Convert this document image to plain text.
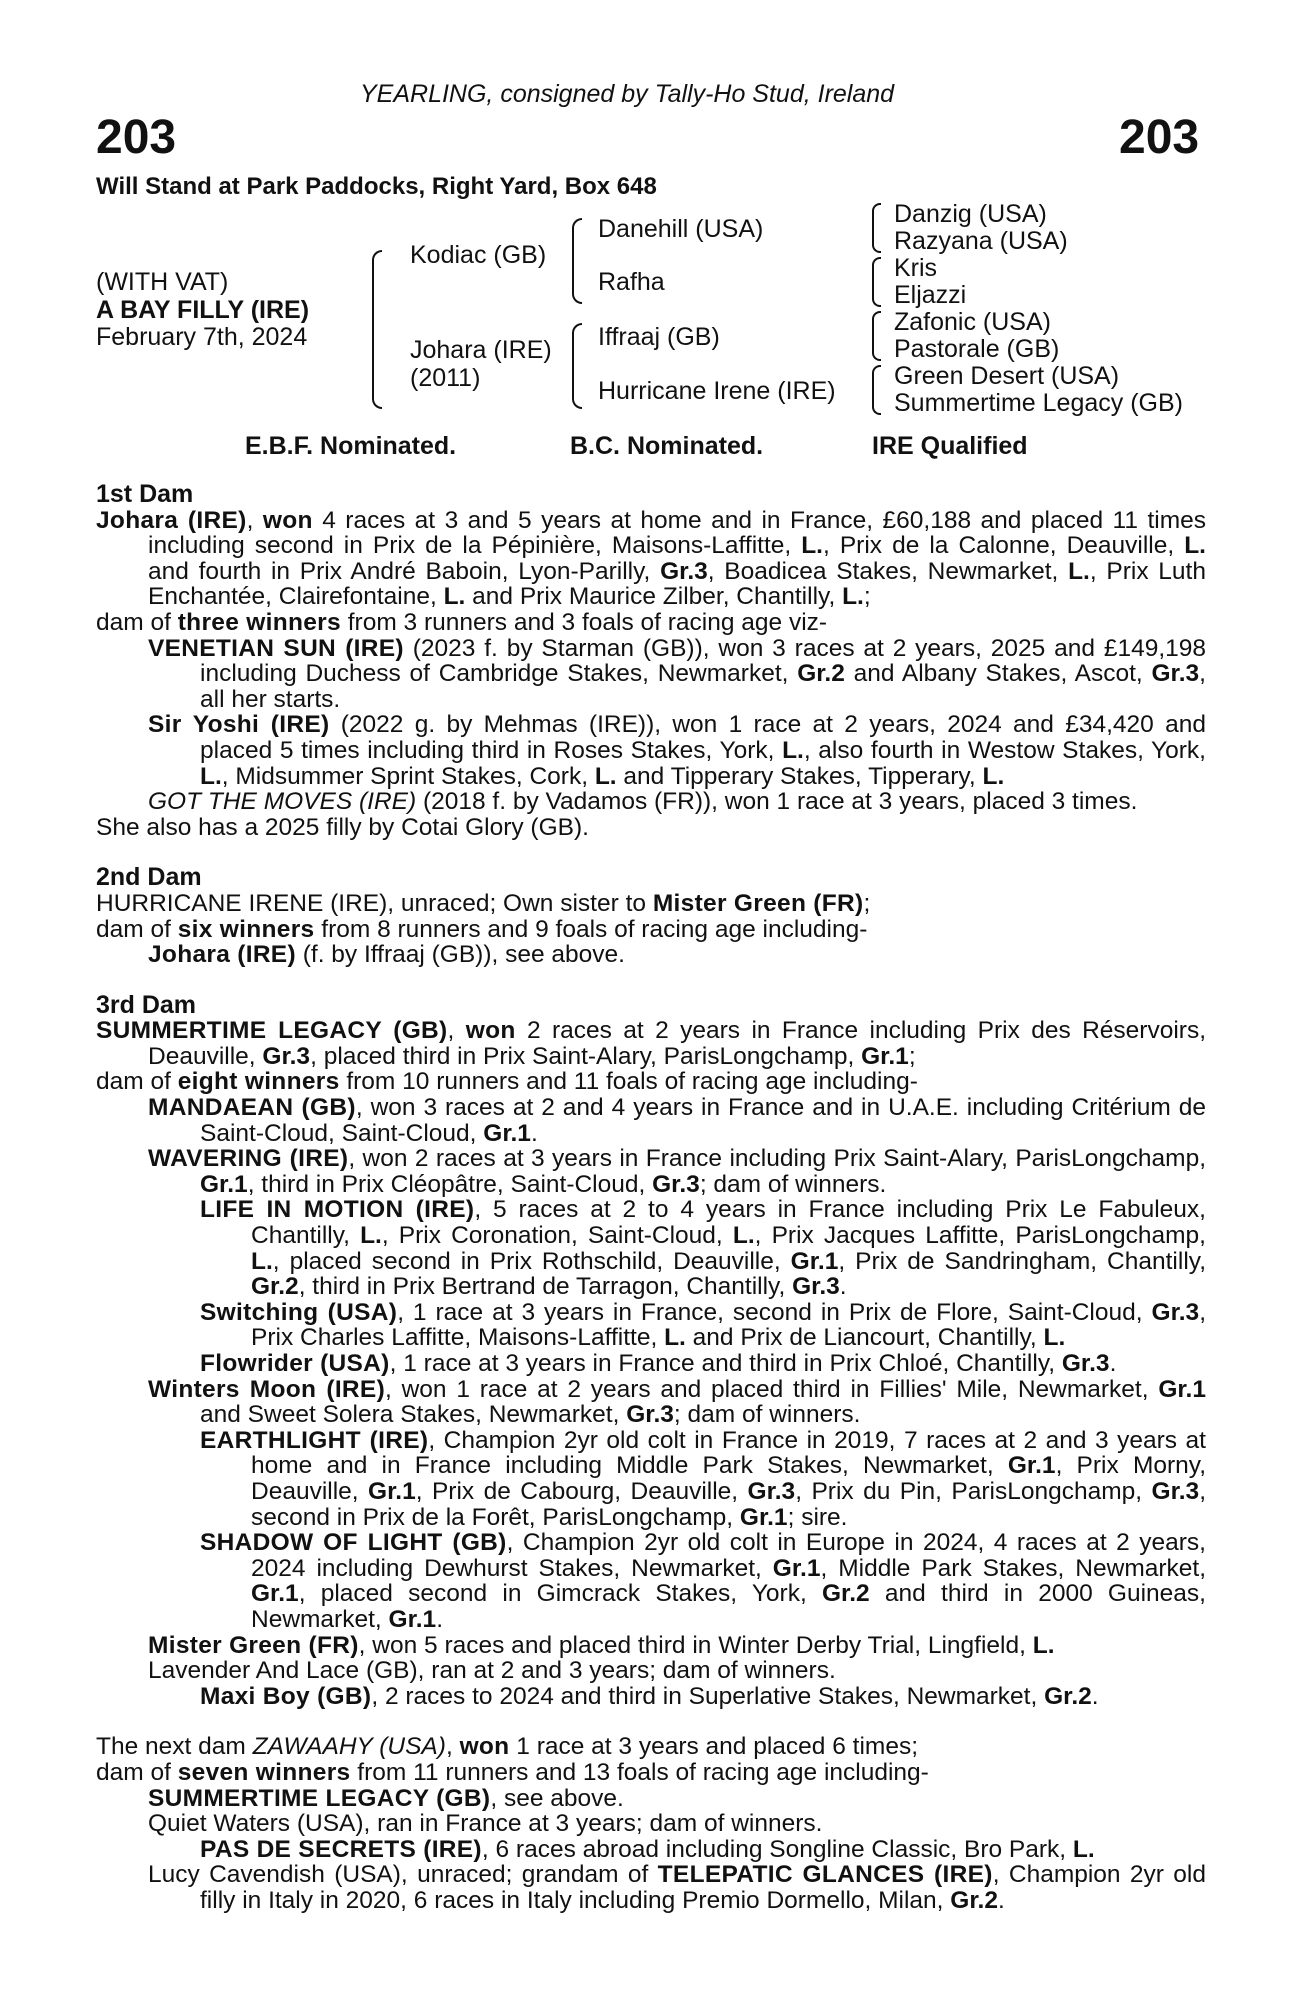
YEARLING, consigned by Tally-Ho Stud, Ireland
203	203
Will Stand at Park Paddocks, Right Yard, Box 648
(WITH VAT)
A BAY FILLY (IRE)
February 7th, 2024
Kodiac (GB)
Johara (IRE)
(2011)
Danehill (USA)
Rafha
Iffraaj (GB)
Hurricane Irene (IRE)
Danzig (USA)
Razyana (USA)
Kris
Eljazzi
Zafonic (USA)
Pastorale (GB)
Green Desert (USA)
Summertime Legacy (GB)
E.B.F. Nominated.	B.C. Nominated.	IRE Qualified

1st Dam

Johara (IRE), won 4 races at 3 and 5 years at home and in France, £60,188 and placed 11 times including second in Prix de la Pépinière, Maisons-Laffitte, L., Prix de la Calonne, Deauville, L. and fourth in Prix André Baboin, Lyon-Parilly, Gr.3, Boadicea Stakes, Newmarket, L., Prix Luth Enchantée, Clairefontaine, L. and Prix Maurice Zilber, Chantilly, L.;

dam of three winners from 3 runners and 3 foals of racing age viz-

VENETIAN SUN (IRE) (2023 f. by Starman (GB)), won 3 races at 2 years, 2025 and £149,198 including Duchess of Cambridge Stakes, Newmarket, Gr.2 and Albany Stakes, Ascot, Gr.3, all her starts.

Sir Yoshi (IRE) (2022 g. by Mehmas (IRE)), won 1 race at 2 years, 2024 and £34,420 and placed 5 times including third in Roses Stakes, York, L., also fourth in Westow Stakes, York, L., Midsummer Sprint Stakes, Cork, L. and Tipperary Stakes, Tipperary, L.

GOT THE MOVES (IRE) (2018 f. by Vadamos (FR)), won 1 race at 3 years, placed 3 times.

She also has a 2025 filly by Cotai Glory (GB).

2nd Dam

HURRICANE IRENE (IRE), unraced; Own sister to Mister Green (FR);

dam of six winners from 8 runners and 9 foals of racing age including-

Johara (IRE) (f. by Iffraaj (GB)), see above.

3rd Dam

SUMMERTIME LEGACY (GB), won 2 races at 2 years in France including Prix des Réservoirs, Deauville, Gr.3, placed third in Prix Saint-Alary, ParisLongchamp, Gr.1;

dam of eight winners from 10 runners and 11 foals of racing age including-

MANDAEAN (GB), won 3 races at 2 and 4 years in France and in U.A.E. including Critérium de Saint-Cloud, Saint-Cloud, Gr.1.

WAVERING (IRE), won 2 races at 3 years in France including Prix Saint-Alary, ParisLongchamp, Gr.1, third in Prix Cléopâtre, Saint-Cloud, Gr.3; dam of winners.

LIFE IN MOTION (IRE), 5 races at 2 to 4 years in France including Prix Le Fabuleux, Chantilly, L., Prix Coronation, Saint-Cloud, L., Prix Jacques Laffitte, ParisLongchamp, L., placed second in Prix Rothschild, Deauville, Gr.1, Prix de Sandringham, Chantilly, Gr.2, third in Prix Bertrand de Tarragon, Chantilly, Gr.3.

Switching (USA), 1 race at 3 years in France, second in Prix de Flore, Saint-Cloud, Gr.3, Prix Charles Laffitte, Maisons-Laffitte, L. and Prix de Liancourt, Chantilly, L.

Flowrider (USA), 1 race at 3 years in France and third in Prix Chloé, Chantilly, Gr.3.

Winters Moon (IRE), won 1 race at 2 years and placed third in Fillies' Mile, Newmarket, Gr.1 and Sweet Solera Stakes, Newmarket, Gr.3; dam of winners.

EARTHLIGHT (IRE), Champion 2yr old colt in France in 2019, 7 races at 2 and 3 years at home and in France including Middle Park Stakes, Newmarket, Gr.1, Prix Morny, Deauville, Gr.1, Prix de Cabourg, Deauville, Gr.3, Prix du Pin, ParisLongchamp, Gr.3, second in Prix de la Forêt, ParisLongchamp, Gr.1; sire.

SHADOW OF LIGHT (GB), Champion 2yr old colt in Europe in 2024, 4 races at 2 years, 2024 including Dewhurst Stakes, Newmarket, Gr.1, Middle Park Stakes, Newmarket, Gr.1, placed second in Gimcrack Stakes, York, Gr.2 and third in 2000 Guineas, Newmarket, Gr.1.

Mister Green (FR), won 5 races and placed third in Winter Derby Trial, Lingfield, L.

Lavender And Lace (GB), ran at 2 and 3 years; dam of winners.

Maxi Boy (GB), 2 races to 2024 and third in Superlative Stakes, Newmarket, Gr.2.

The next dam ZAWAAHY (USA), won 1 race at 3 years and placed 6 times;

dam of seven winners from 11 runners and 13 foals of racing age including-

SUMMERTIME LEGACY (GB), see above.

Quiet Waters (USA), ran in France at 3 years; dam of winners.

PAS DE SECRETS (IRE), 6 races abroad including Songline Classic, Bro Park, L.

Lucy Cavendish (USA), unraced; grandam of TELEPATIC GLANCES (IRE), Champion 2yr old filly in Italy in 2020, 6 races in Italy including Premio Dormello, Milan, Gr.2.
